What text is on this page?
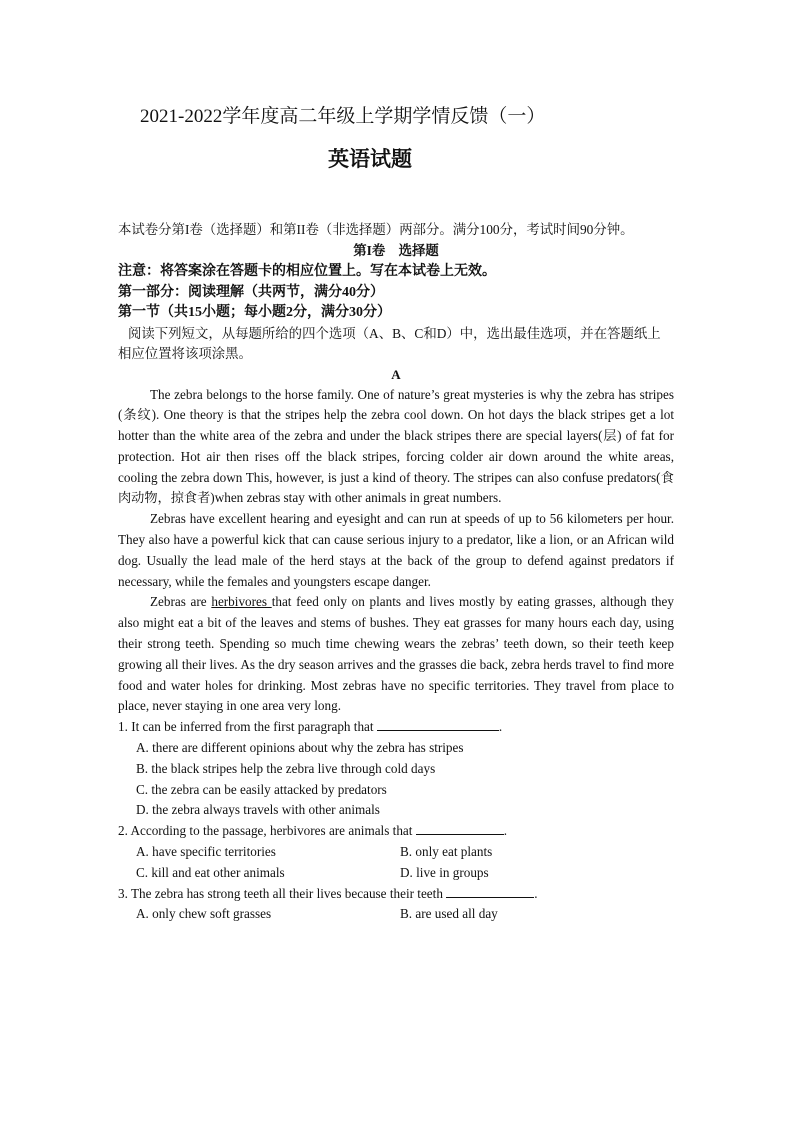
2021-2022学年度高二年级上学期学情反馈（一）
英语试题

本试卷分第I卷（选择题）和第II卷（非选择题）两部分。满分100分，考试时间90分钟。

第I卷　选择题

注意：将答案涂在答题卡的相应位置上。写在本试卷上无效。

第一部分：阅读理解（共两节，满分40分）

第一节（共15小题；每小题2分，满分30分）

阅读下列短文，从每题所给的四个选项（A、B、C和D）中，选出最佳选项，并在答题纸上相应位置将该项涂黑。

A

The zebra belongs to the horse family. One of nature’s great mysteries is why the zebra has stripes (条纹). One theory is that the stripes help the zebra cool down. On hot days the black stripes get a lot hotter than the white area of the zebra and under the black stripes there are special layers(层) of fat for protection. Hot air then rises off the black stripes, forcing colder air down around the white areas, cooling the zebra down This, however, is just a kind of theory. The stripes can also confuse predators(食肉动物，掠食者)when zebras stay with other animals in great numbers.

Zebras have excellent hearing and eyesight and can run at speeds of up to 56 kilometers per hour. They also have a powerful kick that can cause serious injury to a predator, like a lion, or an African wild dog. Usually the lead male of the herd stays at the back of the group to defend against predators if necessary, while the females and youngsters escape danger.

Zebras are herbivores that feed only on plants and lives mostly by eating grasses, although they also might eat a bit of the leaves and stems of bushes. They eat grasses for many hours each day, using their strong teeth. Spending so much time chewing wears the zebras’ teeth down, so their teeth keep growing all their lives. As the dry season arrives and the grasses die back, zebra herds travel to find more food and water holes for drinking. Most zebras have no specific territories. They travel from place to place, never staying in one area very long.

1. It can be inferred from the first paragraph that	.

A. there are different opinions about why the zebra has stripes

B. the black stripes help the zebra live through cold days

C. the zebra can be easily attacked by predators

D. the zebra always travels with other animals

2. According to the passage, herbivores are animals that	.

A. have specific territories	B. only eat plants
C. kill and eat other animals	D. live in groups

3. The zebra has strong teeth all their lives because their teeth	.

A. only chew soft grasses	B. are used all day
